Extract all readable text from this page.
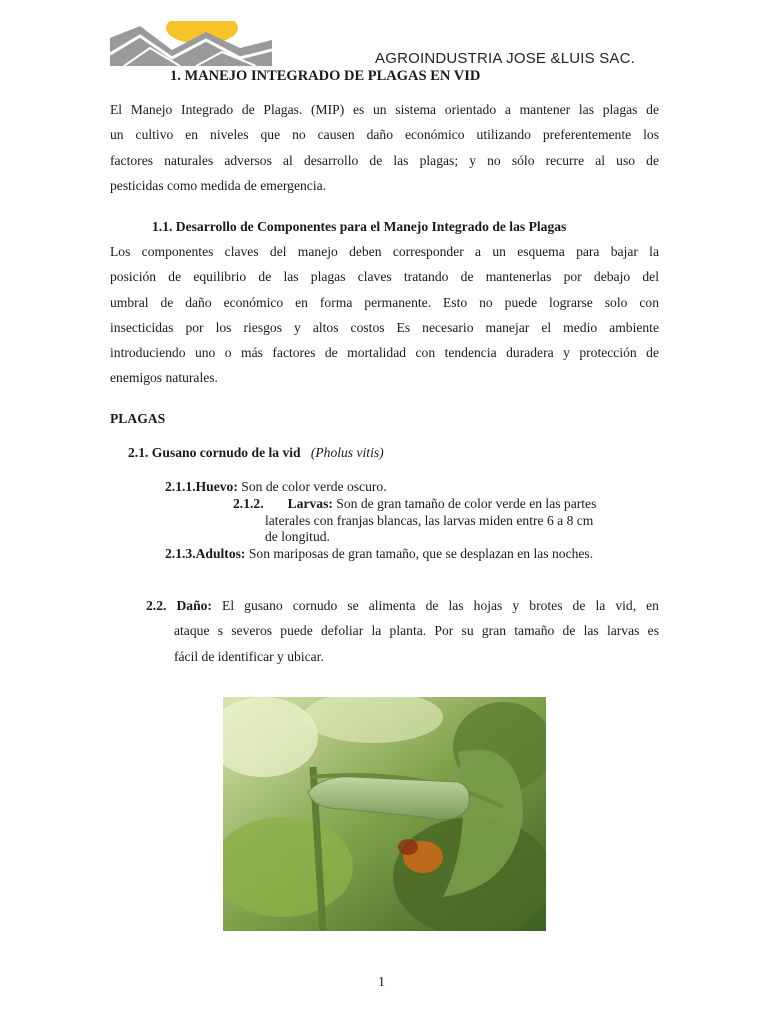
AGROINDUSTRIA JOSE &LUIS SAC.
1. MANEJO INTEGRADO DE PLAGAS EN VID
El Manejo Integrado de Plagas. (MIP) es un sistema orientado a mantener las plagas de
un cultivo en niveles que no causen daño económico utilizando preferentemente los
factores naturales adversos al desarrollo de las plagas; y no sólo recurre al uso de
pesticidas como medida de emergencia.
1.1. Desarrollo de Componentes para el Manejo Integrado de las Plagas
Los componentes claves del manejo deben corresponder a un esquema para bajar la
posición de equilibrio de las plagas claves tratando de mantenerlas por debajo del
umbral de daño económico en forma permanente. Esto no puede lograrse solo con
insecticidas por los riesgos y altos costos Es necesario manejar el medio ambiente
introduciendo uno o más factores de mortalidad con tendencia duradera y protección de
enemigos naturales.
PLAGAS
2.1. Gusano cornudo de la vid (Pholus vitis)
2.1.1.Huevo: Son de color verde oscuro.
2.1.2. Larvas: Son de gran tamaño de color verde en las partes
laterales con franjas blancas, las larvas miden entre 6 a 8 cm
de longitud.
2.1.3.Adultos: Son mariposas de gran tamaño, que se desplazan en las noches.
2.2. Daño: El gusano cornudo se alimenta de las hojas y brotes de la vid, en
ataque s severos puede defoliar la planta. Por su gran tamaño de las larvas es
fácil de identificar y ubicar.
1
